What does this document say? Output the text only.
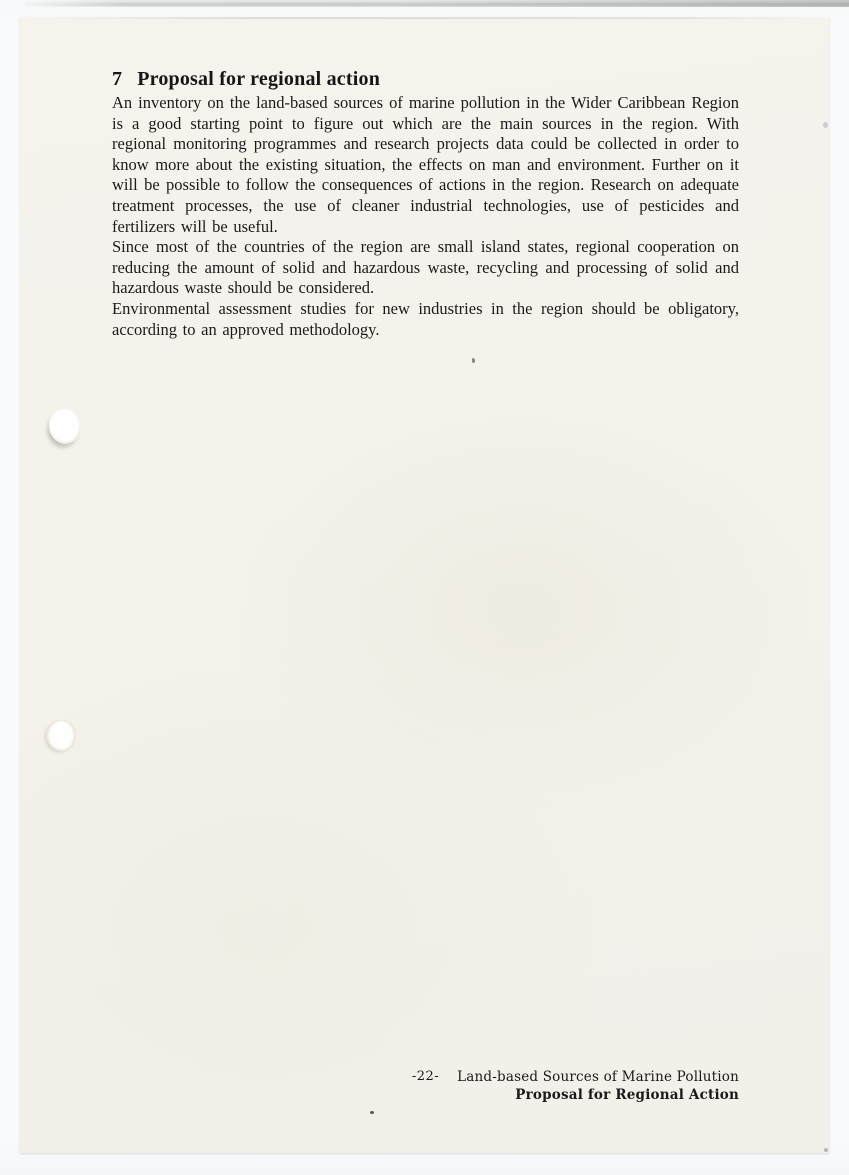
7 Proposal for regional action

An inventory on the land-based sources of marine pollution in the Wider Caribbean Region is a good starting point to figure out which are the main sources in the region. With regional monitoring programmes and research projects data could be collected in order to know more about the existing situation, the effects on man and environment. Further on it will be possible to follow the consequences of actions in the region. Research on adequate treatment processes, the use of cleaner industrial technologies, use of pesticides and fertilizers will be useful.

Since most of the countries of the region are small island states, regional cooperation on reducing the amount of solid and hazardous waste, recycling and processing of solid and hazardous waste should be considered.

Environmental assessment studies for new industries in the region should be obligatory, according to an approved methodology.

-22- Land-based Sources of Marine Pollution
Proposal for Regional Action
